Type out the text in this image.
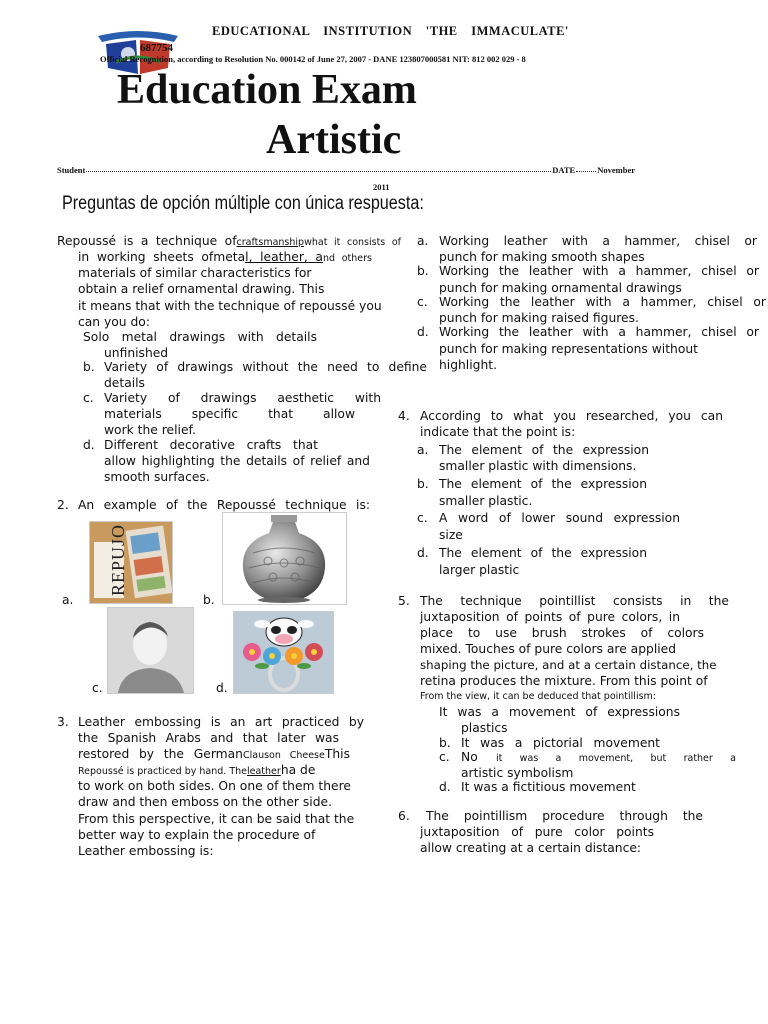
EDUCATIONAL INSTITUTION 'THE IMMACULATE'
687754
Official Recognition, according to Resolution No. 000142 of June 27, 2007 - DANE 123807000581 NIT: 812 002 029 - 8
Education Exam
Artistic
Student	DATE	November
2011
Preguntas de opción múltiple con única respuesta:
Repoussé is a technique ofcraftsmanshipwhat it consists of
in working sheets ofmetal, leather, and others
materials of similar characteristics for
obtain a relief ornamental drawing. This
it means that with the technique of repoussé you
can you do:
Solo metal drawings with details
unfinished
b. Variety of drawings without the need to define
details
c. Variety of drawings aesthetic with
materials specific that allow
work the relief.
d. Different decorative crafts that
allow highlighting the details of relief and
smooth surfaces.
2. An example of the Repoussé technique is:
REPUJO
a.	b.
c.	d.
3. Leather embossing is an art practiced by
the Spanish Arabs and that later was
restored by the GermanClauson CheeseThis
Repoussé is practiced by hand. Theleatherha de
to work on both sides. On one of them there
draw and then emboss on the other side.
From this perspective, it can be said that the
better way to explain the procedure of
Leather embossing is:
a. Working leather with a hammer, chisel or
punch for making smooth shapes
b. Working the leather with a hammer, chisel or
punch for making ornamental drawings
c. Working the leather with a hammer, chisel or
punch for making raised figures.
d. Working the leather with a hammer, chisel or
punch for making representations without
highlight.
4. According to what you researched, you can
indicate that the point is:
a. The element of the expression
smaller plastic with dimensions.
b. The element of the expression
smaller plastic.
c. A word of lower sound expression
size
d. The element of the expression
larger plastic
5. The technique pointillist consists in the
juxtaposition of points of pure colors, in
place to use brush strokes of colors
mixed. Touches of pure colors are applied
shaping the picture, and at a certain distance, the
retina produces the mixture. From this point of
From the view, it can be deduced that pointillism:
It was a movement of expressions
plastics
b. It was a pictorial movement
c. No it was a movement, but rather a
artistic symbolism
d. It was a fictitious movement
6. The pointillism procedure through the
juxtaposition of pure color points
allow creating at a certain distance:
